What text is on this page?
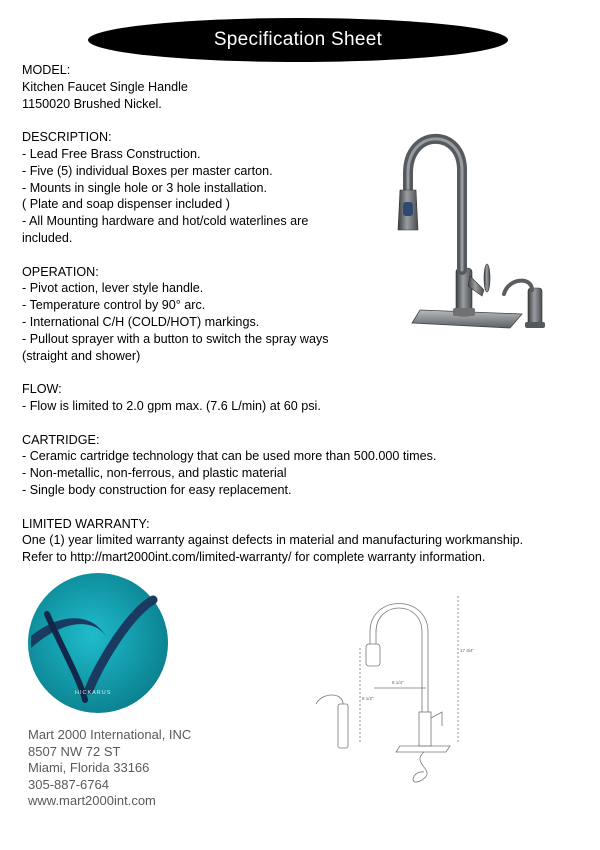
Specification Sheet
MODEL:
Kitchen Faucet Single Handle
1150020 Brushed Nickel.
DESCRIPTION:
- Lead Free Brass Construction.
- Five (5) individual Boxes per master carton.
- Mounts in single hole or 3 hole installation.
( Plate and soap dispenser included )
- All Mounting hardware and hot/cold waterlines are included.
OPERATION:
- Pivot action, lever style handle.
- Temperature control by 90° arc.
- International C/H (COLD/HOT) markings.
- Pullout sprayer with a button to switch the spray ways (straight and shower)
FLOW:
- Flow is limited to 2.0 gpm max. (7.6 L/min) at 60 psi.
CARTRIDGE:
- Ceramic cartridge technology that can be used more than 500.000 times.
- Non-metallic, non-ferrous, and plastic material
- Single body construction for easy replacement.
LIMITED WARRANTY:
One (1) year limited warranty against defects in material and manufacturing workmanship.
Refer to http://mart2000int.com/limited-warranty/ for complete warranty information.
HICKARUS
17 3/4"
8 1/4"
8 1/2"
Mart 2000 International, INC
8507 NW 72 ST
Miami, Florida 33166
305-887-6764
www.mart2000int.com
